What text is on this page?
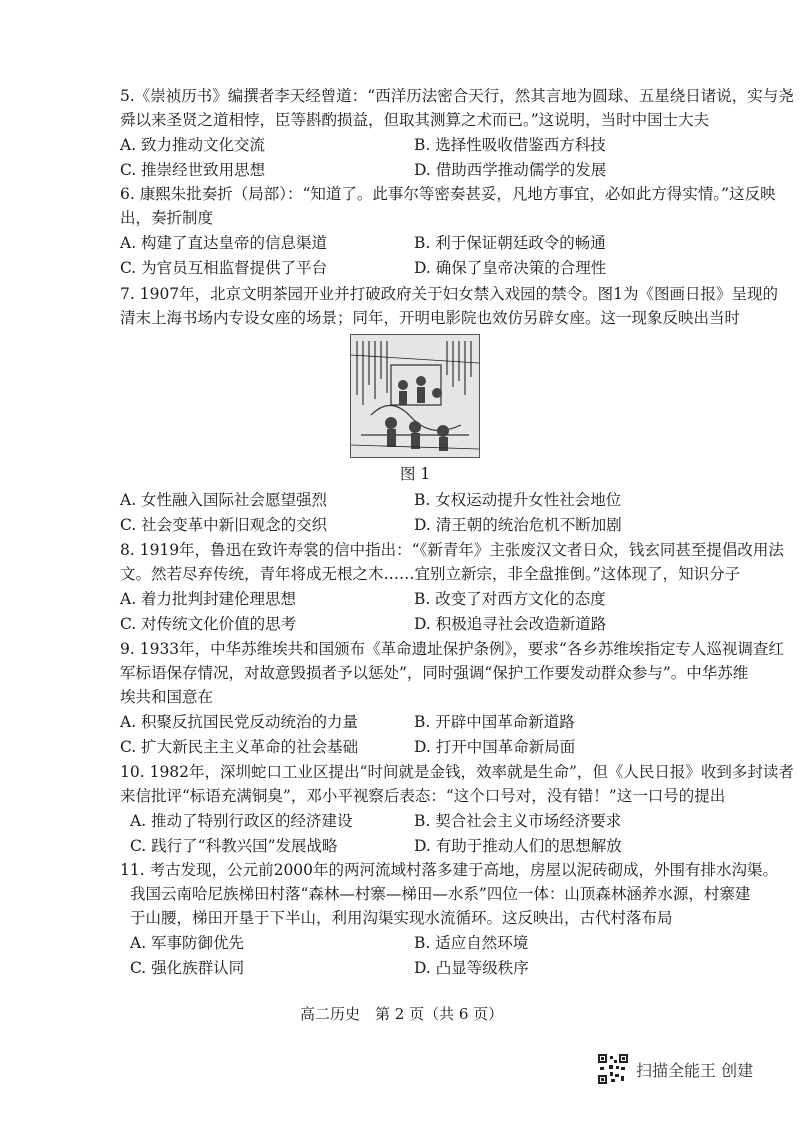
5.《崇祯历书》编撰者李天经曾道：“西洋历法密合天行，然其言地为圆球、五星绕日诸说，实与尧
舜以来圣贤之道相悖，臣等斟酌损益，但取其测算之术而已。”这说明，当时中国士大夫
A. 致力推动文化交流	B. 选择性吸收借鉴西方科技
C. 推崇经世致用思想	D. 借助西学推动儒学的发展
6. 康熙朱批奏折（局部）：“知道了。此事尔等密奏甚妥，凡地方事宜，必如此方得实情。”这反映
出，奏折制度
A. 构建了直达皇帝的信息渠道	B. 利于保证朝廷政令的畅通
C. 为官员互相监督提供了平台	D. 确保了皇帝决策的合理性
7. 1907年，北京文明茶园开业并打破政府关于妇女禁入戏园的禁令。图1为《图画日报》呈现的
清末上海书场内专设女座的场景；同年，开明电影院也效仿另辟女座。这一现象反映出当时
图 1
A. 女性融入国际社会愿望强烈	B. 女权运动提升女性社会地位
C. 社会变革中新旧观念的交织	D. 清王朝的统治危机不断加剧
8. 1919年，鲁迅在致许寿裳的信中指出：“《新青年》主张废汉文者日众，钱玄同甚至提倡改用法
文。然若尽弃传统，青年将成无根之木……宜别立新宗，非全盘推倒。”这体现了，知识分子
A. 着力批判封建伦理思想	B. 改变了对西方文化的态度
C. 对传统文化价值的思考	D. 积极追寻社会改造新道路
9. 1933年，中华苏维埃共和国颁布《革命遗址保护条例》，要求“各乡苏维埃指定专人巡视调查红
军标语保存情况，对故意毁损者予以惩处”，同时强调“保护工作要发动群众参与”。中华苏维
埃共和国意在
A. 积聚反抗国民党反动统治的力量	B. 开辟中国革命新道路
C. 扩大新民主主义革命的社会基础	D. 打开中国革命新局面
10. 1982年，深圳蛇口工业区提出“时间就是金钱，效率就是生命”，但《人民日报》收到多封读者
来信批评“标语充满铜臭”，邓小平视察后表态：“这个口号对，没有错！”这一口号的提出
A. 推动了特别行政区的经济建设	B. 契合社会主义市场经济要求
C. 践行了“科教兴国”发展战略	D. 有助于推动人们的思想解放
11. 考古发现，公元前2000年的两河流域村落多建于高地，房屋以泥砖砌成，外围有排水沟渠。
我国云南哈尼族梯田村落“森林—村寨—梯田—水系”四位一体：山顶森林涵养水源，村寨建
于山腰，梯田开垦于下半山，利用沟渠实现水流循环。这反映出，古代村落布局
A. 军事防御优先	B. 适应自然环境
C. 强化族群认同	D. 凸显等级秩序
高二历史　第 2 页（共 6 页）
扫描全能王 创建
